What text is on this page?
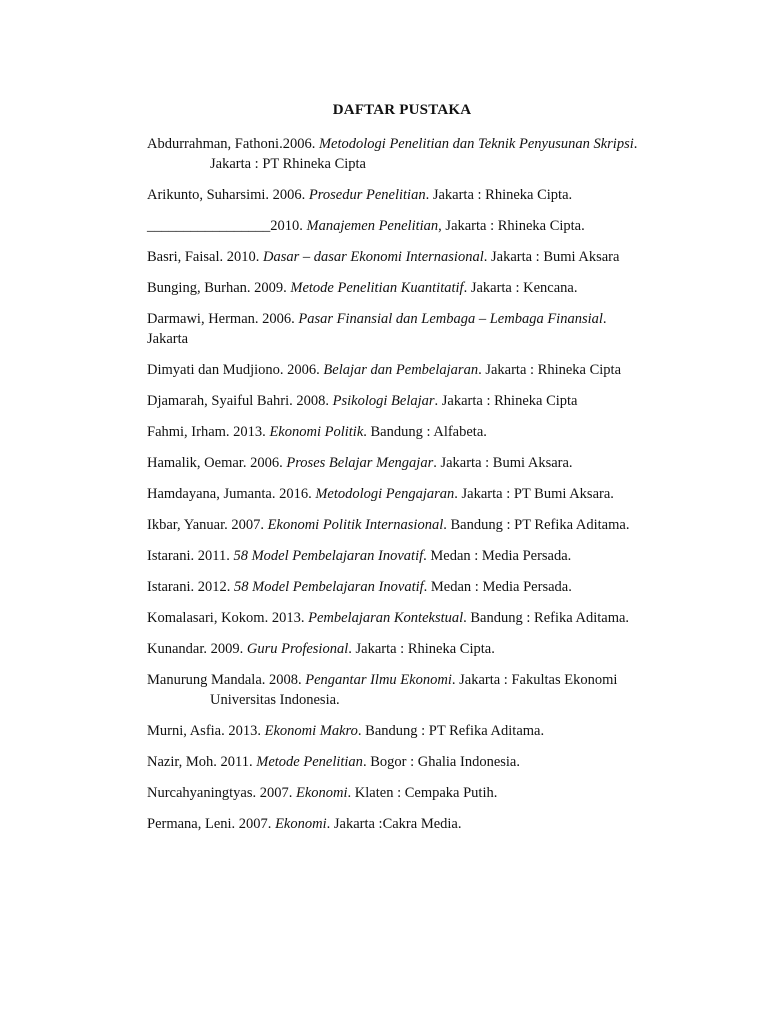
DAFTAR PUSTAKA

Abdurrahman, Fathoni.2006. Metodologi Penelitian dan Teknik Penyusunan Skripsi. Jakarta : PT Rhineka Cipta

Arikunto, Suharsimi. 2006. Prosedur Penelitian. Jakarta : Rhineka Cipta.

_________________2010. Manajemen Penelitian, Jakarta : Rhineka Cipta.

Basri, Faisal. 2010. Dasar – dasar Ekonomi Internasional. Jakarta : Bumi Aksara

Bunging, Burhan. 2009. Metode Penelitian Kuantitatif. Jakarta : Kencana.

Darmawi, Herman. 2006. Pasar Finansial dan Lembaga – Lembaga Finansial. Jakarta

Dimyati dan Mudjiono. 2006. Belajar dan Pembelajaran. Jakarta : Rhineka Cipta

Djamarah, Syaiful Bahri. 2008. Psikologi Belajar. Jakarta : Rhineka Cipta

Fahmi, Irham. 2013. Ekonomi Politik. Bandung : Alfabeta.

Hamalik, Oemar. 2006. Proses Belajar Mengajar. Jakarta : Bumi Aksara.

Hamdayana, Jumanta. 2016. Metodologi Pengajaran. Jakarta : PT Bumi Aksara.

Ikbar, Yanuar. 2007. Ekonomi Politik Internasional. Bandung : PT Refika Aditama.

Istarani. 2011. 58 Model Pembelajaran Inovatif. Medan : Media Persada.

Istarani. 2012. 58 Model Pembelajaran Inovatif. Medan : Media Persada.

Komalasari, Kokom. 2013. Pembelajaran Kontekstual. Bandung : Refika Aditama.

Kunandar. 2009. Guru Profesional. Jakarta : Rhineka Cipta.

Manurung Mandala. 2008. Pengantar Ilmu Ekonomi. Jakarta : Fakultas Ekonomi Universitas Indonesia.

Murni, Asfia. 2013. Ekonomi Makro. Bandung : PT Refika Aditama.

Nazir, Moh. 2011. Metode Penelitian. Bogor : Ghalia Indonesia.

Nurcahyaningtyas. 2007. Ekonomi. Klaten : Cempaka Putih.

Permana, Leni. 2007. Ekonomi. Jakarta :Cakra Media.
